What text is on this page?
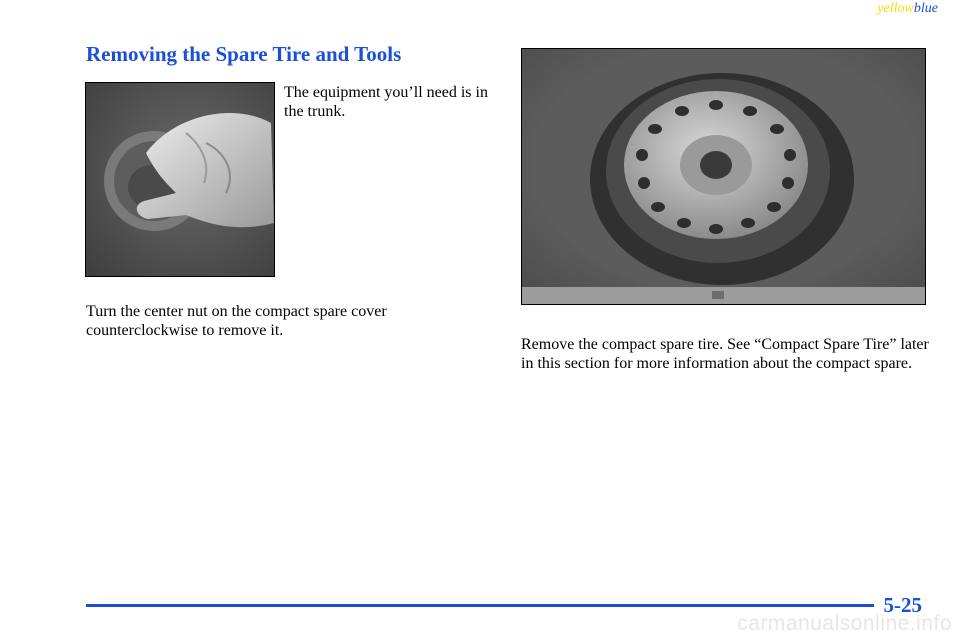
yellowblue
Removing the Spare Tire and Tools

The equipment you’ll need is in the trunk.

Turn the center nut on the compact spare cover counterclockwise to remove it.

Remove the compact spare tire. See “Compact Spare Tire” later in this section for more information about the compact spare.

5-25
carmanualsonline.info
